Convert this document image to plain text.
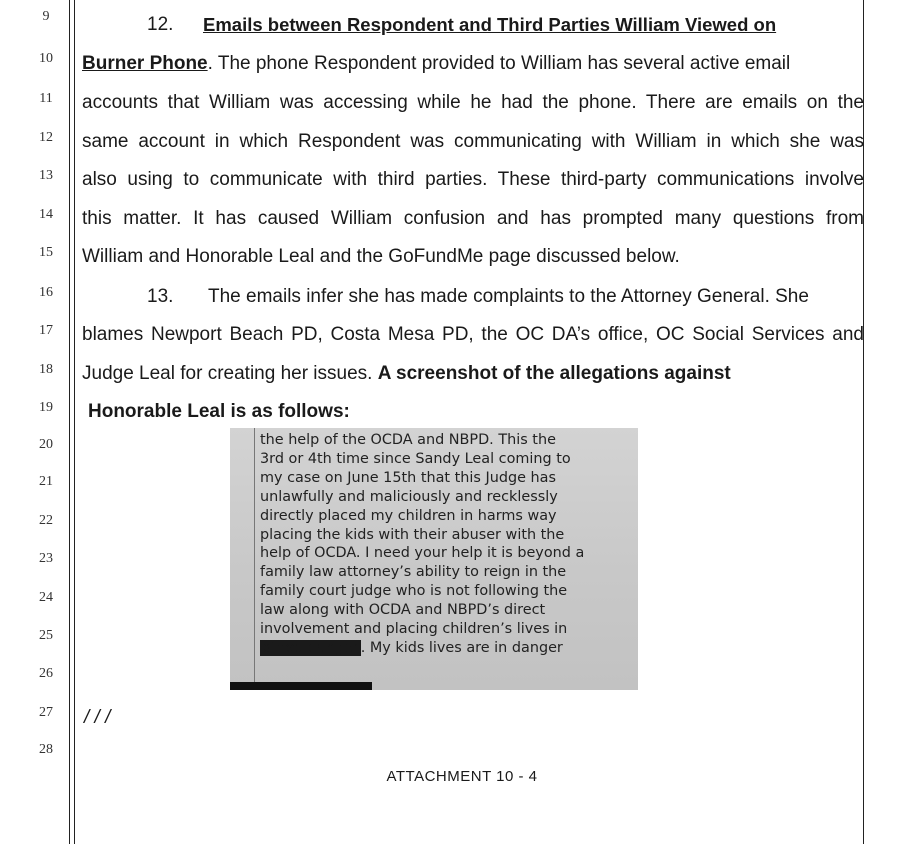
9
10
11
12
13
14
15
16
17
18
19
20
21
22
23
24
25
26
27
28
12. Emails between Respondent and Third Parties William Viewed on
Burner Phone. The phone Respondent provided to William has several active email
accounts that William was accessing while he had the phone. There are emails on the
same account in which Respondent was communicating with William in which she was
also using to communicate with third parties. These third-party communications involve
this matter. It has caused William confusion and has prompted many questions from
William and Honorable Leal and the GoFundMe page discussed below.
13. The emails infer she has made complaints to the Attorney General. She
blames Newport Beach PD, Costa Mesa PD, the OC DA’s office, OC Social Services and
Judge Leal for creating her issues. A screenshot of the allegations against
Honorable Leal is as follows:
the help of the OCDA and NBPD. This the
3rd or 4th time since Sandy Leal coming to
my case on June 15th that this Judge has
unlawfully and maliciously and recklessly
directly placed my children in harms way
placing the kids with their abuser with the
help of OCDA. I need your help it is beyond a
family law attorney’s ability to reign in the
family court judge who is not following the
law along with OCDA and NBPD’s direct
involvement and placing children’s lives in
direct danger . My kids lives are in danger
/ / /
ATTACHMENT 10 - 4
